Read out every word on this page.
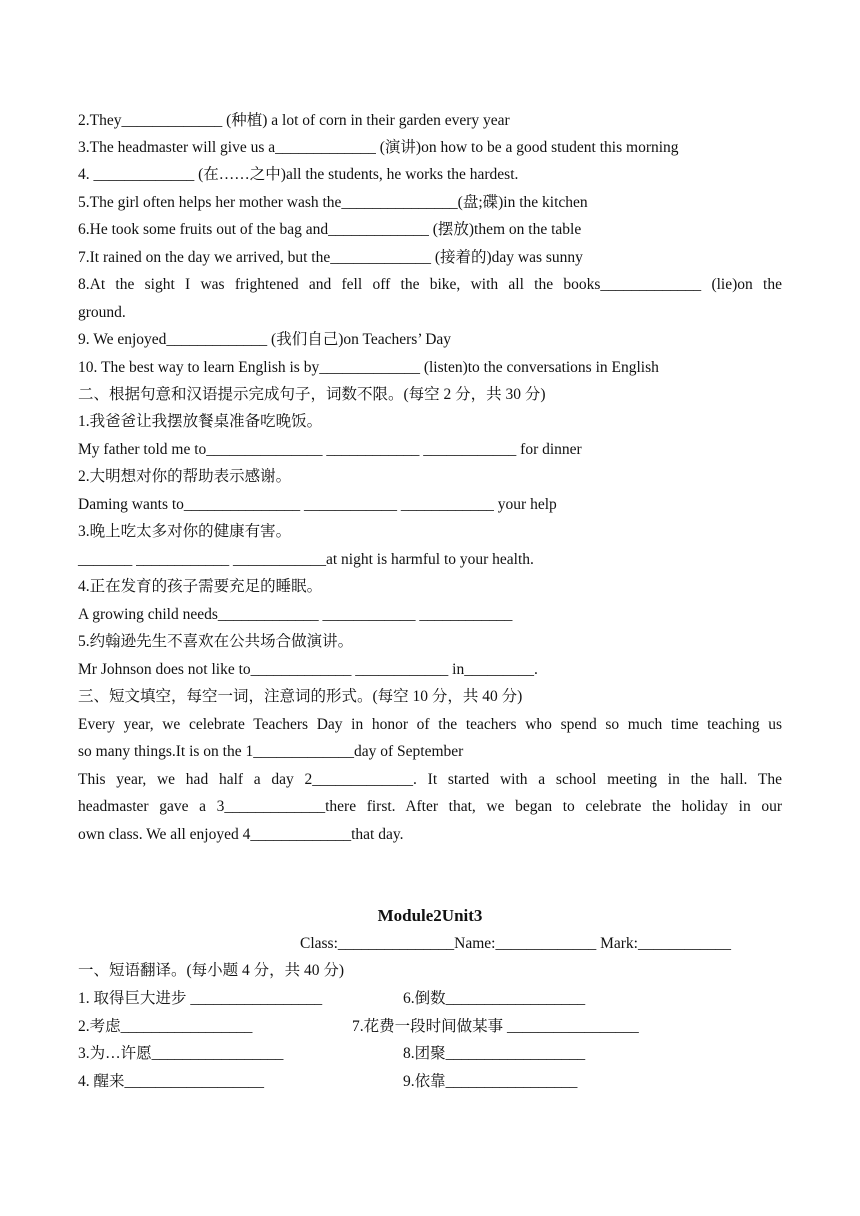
2.They_____________ (种植) a lot of corn in their garden every year
3.The headmaster will give us a_____________ (演讲)on how to be a good student this morning
4. _____________ (在……之中)all the students, he works the hardest.
5.The girl often helps her mother wash the_______________(盘;碟)in the kitchen
6.He took some fruits out of the bag and_____________ (摆放)them on the table
7.It rained on the day we arrived, but the_____________ (接着的)day was sunny
8.At the sight I was frightened and fell off the bike, with all the books_____________ (lie)on the
ground.
9. We enjoyed_____________ (我们自己)on Teachers’ Day
10. The best way to learn English is by_____________ (listen)to the conversations in English
二、根据句意和汉语提示完成句子，词数不限。(每空 2 分，共 30 分)
1.我爸爸让我摆放餐桌准备吃晚饭。
My father told me to_______________ ____________ ____________ for dinner
2.大明想对你的帮助表示感谢。
Daming wants to_______________ ____________ ____________ your help
3.晚上吃太多对你的健康有害。
_______ ____________ ____________at night is harmful to your health.
4.正在发育的孩子需要充足的睡眠。
A growing child needs_____________ ____________ ____________
5.约翰逊先生不喜欢在公共场合做演讲。
Mr Johnson does not like to_____________ ____________ in_________.
三、短文填空，每空一词，注意词的形式。(每空 10 分，共 40 分)
Every year, we celebrate Teachers Day in honor of the teachers who spend so much time teaching us
so many things.It is on the 1_____________day of September
This year, we had half a day 2_____________. It started with a school meeting in the hall. The
headmaster gave a 3_____________there first. After that, we began to celebrate the holiday in our
own class. We all enjoyed 4_____________that day.
Module2Unit3
Class:_______________Name:_____________ Mark:____________
一、短语翻译。(每小题 4 分，共 40 分)
1. 取得巨大进步 _________________	6.倒数__________________
2.考虑_________________	7.花费一段时间做某事 _________________
3.为…许愿_________________	8.团聚__________________
4. 醒来__________________	9.依靠_________________
